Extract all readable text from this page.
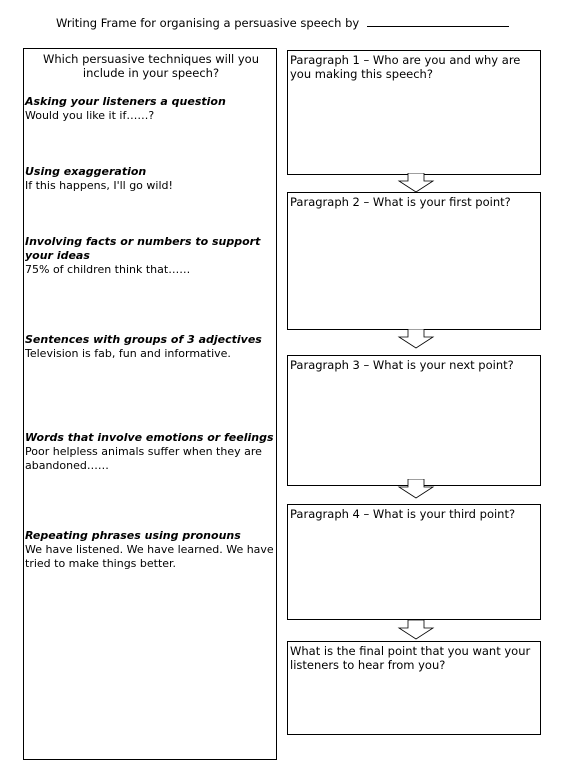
Writing Frame for organising a persuasive speech by
Which persuasive techniques will you include in your speech?
Asking your listeners a question
Would you like it if……?
Using exaggeration
If this happens, I'll go wild!
Involving facts or numbers to support your ideas
75% of children think that……
Sentences with groups of 3 adjectives
Television is fab, fun and informative.
Words that involve emotions or feelings
Poor helpless animals suffer when they are abandoned……
Repeating phrases using pronouns
We have listened. We have learned. We have tried to make things better.
Paragraph 1 – Who are you and why are you making this speech?
Paragraph 2 – What is your first point?
Paragraph 3 – What is your next point?
Paragraph 4 – What is your third point?
What is the final point that you want your listeners to hear from you?
